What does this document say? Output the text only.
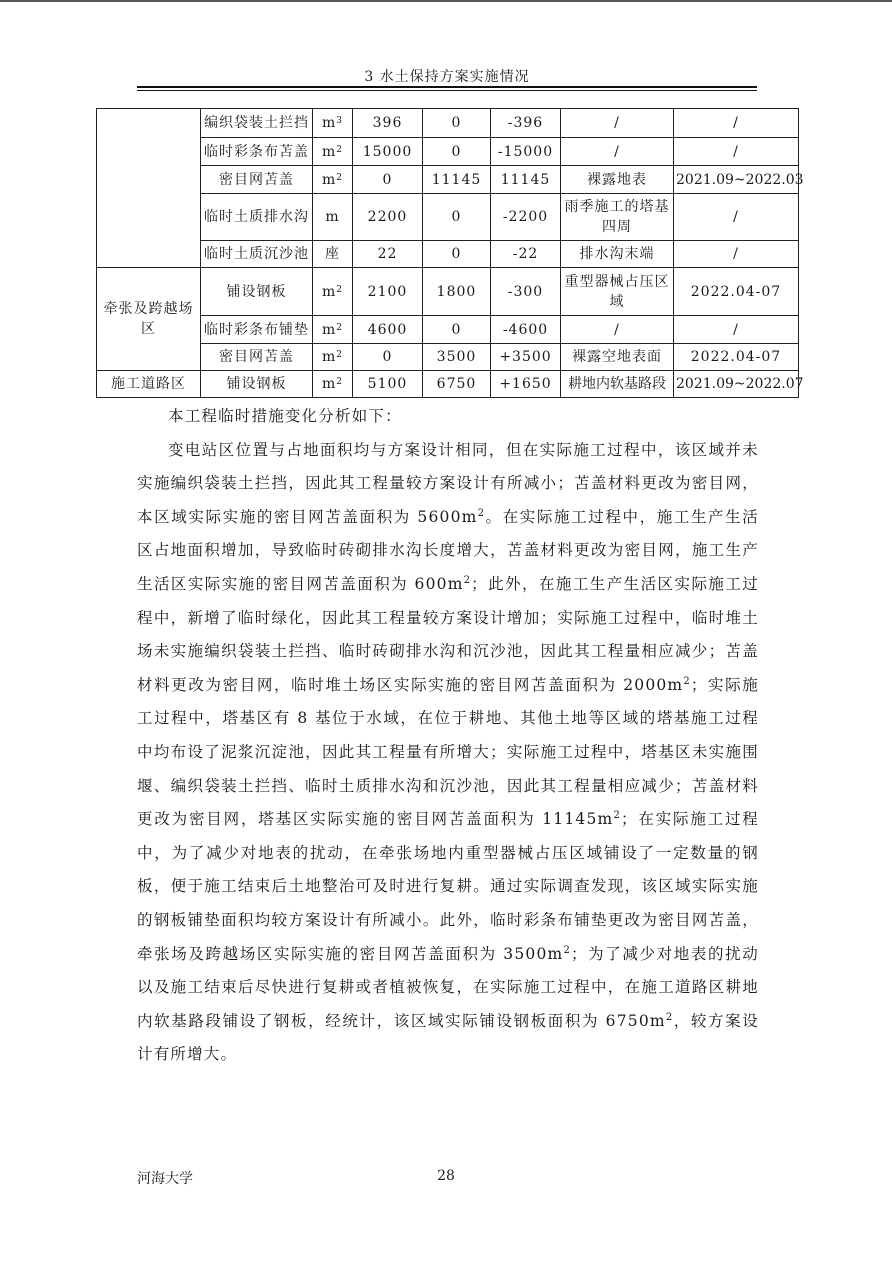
3 水土保持方案实施情况
	编织袋装土拦挡	$m^3$	396	0	-396	/	/
	临时彩条布苫盖	$m^2$	15000	0	-15000	/	/
	密目网苫盖	$m^2$	0	11145	11145	裸露地表	2021.09~2022.03
	临时土质排水沟	m	2200	0	-2200	雨季施工的塔基四周	/
	临时土质沉沙池	座	22	0	-22	排水沟末端	/
牵张及跨越场区	铺设钢板	$m^2$	2100	1800	-300	重型器械占压区域	2022.04-07
	临时彩条布铺垫	$m^2$	4600	0	-4600	/	/
	密目网苫盖	$m^2$	0	3500	+3500	裸露空地表面	2022.04-07
施工道路区	铺设钢板	$m^2$	5100	6750	+1650	耕地内软基路段	2021.09~2022.07

本工程临时措施变化分析如下：

变电站区位置与占地面积均与方案设计相同，但在实际施工过程中，该区域并未实施编织袋装土拦挡，因此其工程量较方案设计有所减小；苫盖材料更改为密目网，本区域实际实施的密目网苫盖面积为 $5600m^2$。在实际施工过程中，施工生产生活区占地面积增加，导致临时砖砌排水沟长度增大，苫盖材料更改为密目网，施工生产生活区实际实施的密目网苫盖面积为 $600m^2$；此外，在施工生产生活区实际施工过程中，新增了临时绿化，因此其工程量较方案设计增加；实际施工过程中，临时堆土场未实施编织袋装土拦挡、临时砖砌排水沟和沉沙池，因此其工程量相应减少；苫盖材料更改为密目网，临时堆土场区实际实施的密目网苫盖面积为 $2000m^2$；实际施工过程中，塔基区有 8 基位于水域，在位于耕地、其他土地等区域的塔基施工过程中均布设了泥浆沉淀池，因此其工程量有所增大；实际施工过程中，塔基区未实施围堰、编织袋装土拦挡、临时土质排水沟和沉沙池，因此其工程量相应减少；苫盖材料更改为密目网，塔基区实际实施的密目网苫盖面积为 $11145m^2$；在实际施工过程中，为了减少对地表的扰动，在牵张场地内重型器械占压区域铺设了一定数量的钢板，便于施工结束后土地整治可及时进行复耕。通过实际调查发现，该区域实际实施的钢板铺垫面积均较方案设计有所减小。此外，临时彩条布铺垫更改为密目网苫盖，牵张场及跨越场区实际实施的密目网苫盖面积为 $3500m^2$；为了减少对地表的扰动以及施工结束后尽快进行复耕或者植被恢复，在实际施工过程中，在施工道路区耕地内软基路段铺设了钢板，经统计，该区域实际铺设钢板面积为 $6750m^2$，较方案设计有所增大。

河海大学	28
